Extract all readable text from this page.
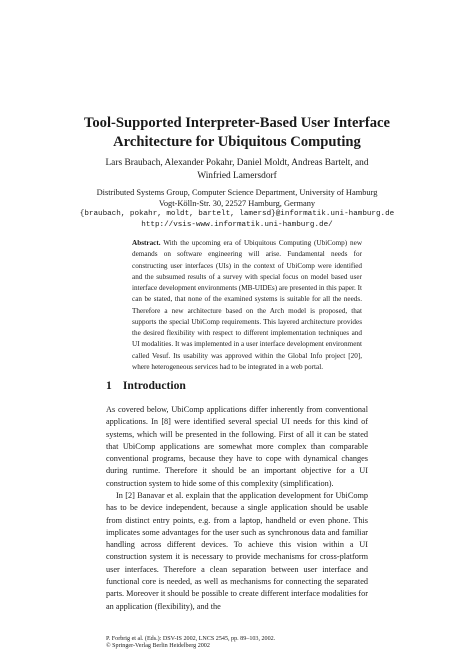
Tool-Supported Interpreter-Based User Interface
Architecture for Ubiquitous Computing
Lars Braubach, Alexander Pokahr, Daniel Moldt, Andreas Bartelt, and
Winfried Lamersdorf
Distributed Systems Group, Computer Science Department, University of Hamburg
Vogt-Kölln-Str. 30, 22527 Hamburg, Germany
{braubach, pokahr, moldt, bartelt, lamersd}@informatik.uni-hamburg.de
http://vsis-www.informatik.uni-hamburg.de/
Abstract. With the upcoming era of Ubiquitous Computing (UbiComp) new demands on software engineering will arise. Fundamental needs for constructing user interfaces (UIs) in the context of UbiComp were identified and the subsumed results of a survey with special focus on model based user interface development environments (MB-UIDEs) are presented in this paper. It can be stated, that none of the examined systems is suitable for all the needs. Therefore a new architecture based on the Arch model is proposed, that supports the special UbiComp requirements. This layered architecture provides the desired flexibility with respect to different implementation techniques and UI modalities. It was implemented in a user interface development environment called Vesuf. Its usability was approved within the Global Info project [20], where heterogeneous services had to be integrated in a web portal.
1 Introduction
As covered below, UbiComp applications differ inherently from conventional applications. In [8] were identified several special UI needs for this kind of systems, which will be presented in the following. First of all it can be stated that UbiComp applications are somewhat more complex than comparable conventional programs, because they have to cope with dynamical changes during runtime. Therefore it should be an important objective for a UI construction system to hide some of this complexity (simplification).
In [2] Banavar et al. explain that the application development for UbiComp has to be device independent, because a single application should be usable from distinct entry points, e.g. from a laptop, handheld or even phone. This implicates some advantages for the user such as synchronous data and familiar handling across different devices. To achieve this vision within a UI construction system it is necessary to provide mechanisms for cross-platform user interfaces. Therefore a clean separation between user interface and functional core is needed, as well as mechanisms for connecting the separated parts. Moreover it should be possible to create different interface modalities for an application (flexibility), and the
P. Forbrig et al. (Eds.): DSV-IS 2002, LNCS 2545, pp. 89–103, 2002.
© Springer-Verlag Berlin Heidelberg 2002
